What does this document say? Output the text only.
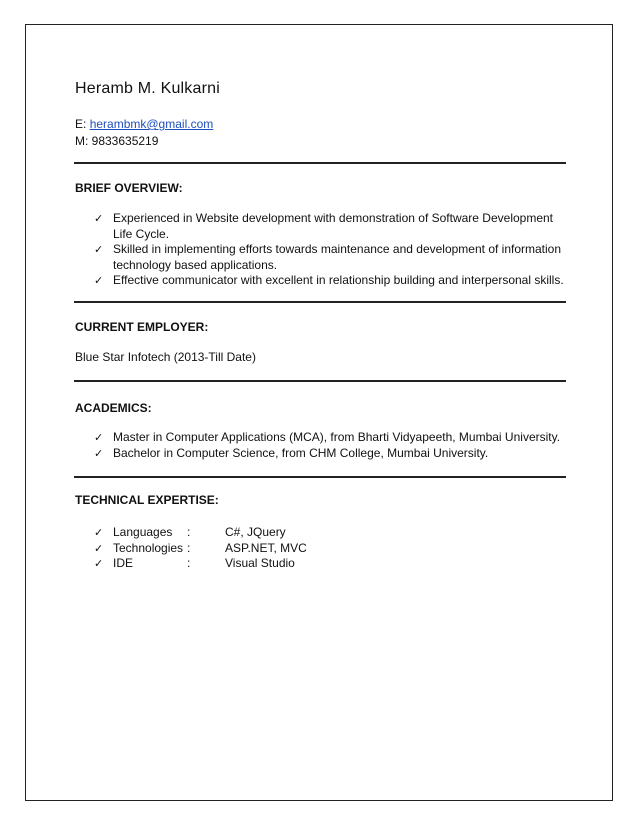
Heramb M. Kulkarni
E: herambmk@gmail.com
M: 9833635219
BRIEF OVERVIEW:
✓ Experienced in Website development with demonstration of Software Development Life Cycle.
✓ Skilled in implementing efforts towards maintenance and development of information technology based applications.
✓ Effective communicator with excellent in relationship building and interpersonal skills.
CURRENT EMPLOYER:
Blue Star Infotech (2013-Till Date)
ACADEMICS:
✓ Master in Computer Applications (MCA), from Bharti Vidyapeeth, Mumbai University.
✓ Bachelor in Computer Science, from CHM College, Mumbai University.
TECHNICAL EXPERTISE:
✓ Languages :	C#, JQuery
✓ Technologies :	ASP.NET, MVC
✓ IDE	:	Visual Studio
